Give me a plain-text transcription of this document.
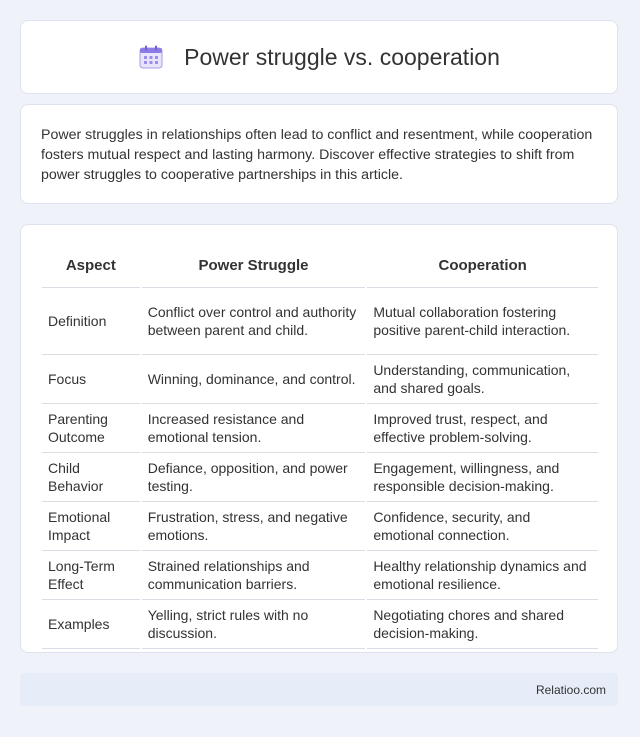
Power struggle vs. cooperation

Power struggles in relationships often lead to conflict and resentment, while cooperation fosters mutual respect and lasting harmony. Discover effective strategies to shift from power struggles to cooperative partnerships in this article.

Aspect	Power Struggle	Cooperation
Definition	Conflict over control and authority between parent and child.	Mutual collaboration fostering positive parent-child interaction.
Focus	Winning, dominance, and control.	Understanding, communication, and shared goals.
Parenting Outcome	Increased resistance and emotional tension.	Improved trust, respect, and effective problem-solving.
Child Behavior	Defiance, opposition, and power testing.	Engagement, willingness, and responsible decision-making.
Emotional Impact	Frustration, stress, and negative emotions.	Confidence, security, and emotional connection.
Long-Term Effect	Strained relationships and communication barriers.	Healthy relationship dynamics and emotional resilience.
Examples	Yelling, strict rules with no discussion.	Negotiating chores and shared decision-making.
Relatioo.com
